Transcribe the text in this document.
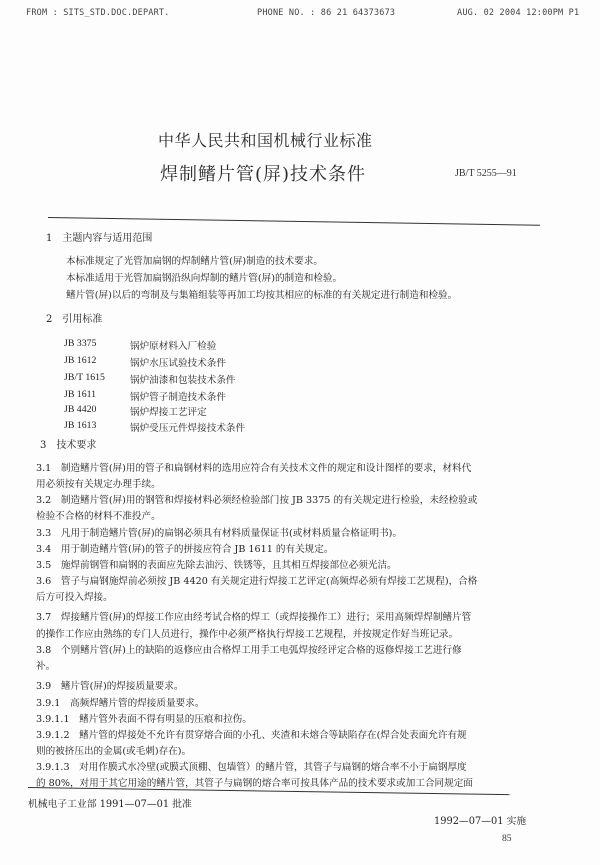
FROM : SITS_STD.DOC.DEPART.	PHONE NO. : 86 21 64373673	AUG. 02 2004 12:00PM P1
中华人民共和国机械行业标准
焊制鳍片管(屏)技术条件	JB/T 5255—91
1　主题内容与适用范围
本标准规定了光管加扁钢的焊制鳍片管(屏)制造的技术要求。
本标准适用于光管加扁钢沿纵向焊制的鳍片管(屏)的制造和检验。
鳍片管(屏)以后的弯制及与集箱组装等再加工均按其相应的标准的有关规定进行制造和检验。
2　引用标准
JB 3375	锅炉原材料入厂检验
JB 1612	锅炉水压试验技术条件
JB/T 1615	锅炉油漆和包装技术条件
JB 1611	锅炉管子制造技术条件
JB 4420	锅炉焊接工艺评定
JB 1613	锅炉受压元件焊接技术条件
3　技术要求
3.1　制造鳍片管(屏)用的管子和扁钢材料的选用应符合有关技术文件的规定和设计图样的要求，材料代
用必须按有关规定办理手续。
3.2　制造鳍片管(屏)用的钢管和焊接材料必须经检验部门按 JB 3375 的有关规定进行检验，未经检验或
检验不合格的材料不准投产。
3.3　凡用于制造鳍片管(屏)的扁钢必须具有材料质量保证书(或材料质量合格证明书)。
3.4　用于制造鳍片管(屏)的管子的拼接应符合 JB 1611 的有关规定。
3.5　施焊前钢管和扁钢的表面应先除去油污、铁锈等，且其相互焊接部位必须光洁。
3.6　管子与扁钢施焊前必须按 JB 4420 有关规定进行焊接工艺评定(高频焊必须有焊接工艺规程)，合格
后方可投入焊接。
3.7　焊接鳍片管(屏)的焊接工作应由经考试合格的焊工（或焊接操作工）进行；采用高频焊焊制鳍片管
的操作工作应由熟练的专门人员进行，操作中必须严格执行焊接工艺规程，并按规定作好当班记录。
3.8　个别鳍片管(屏)上的缺陷的返修应由合格焊工用手工电弧焊按经评定合格的返修焊接工艺进行修
补。
3.9　鳍片管(屏)的焊接质量要求。
3.9.1　高频焊鳍片管的焊接质量要求。
3.9.1.1　鳍片管外表面不得有明显的压痕和拉伤。
3.9.1.2　鳍片管的焊接处不允许有贯穿熔合面的小孔、夹渣和未熔合等缺陷存在(焊合处表面允许有规
则的被挤压出的金属(或毛刺)存在)。
3.9.1.3　对用作膜式水冷壁(或膜式顶棚、包墙管）的鳍片管，其管子与扁钢的熔合率不小于扁钢厚度
的 80%，对用于其它用途的鳍片管，其管子与扁钢的熔合率可按具体产品的技术要求或加工合同规定面
机械电子工业部 1991—07—01 批准
1992—07—01 实施
85
